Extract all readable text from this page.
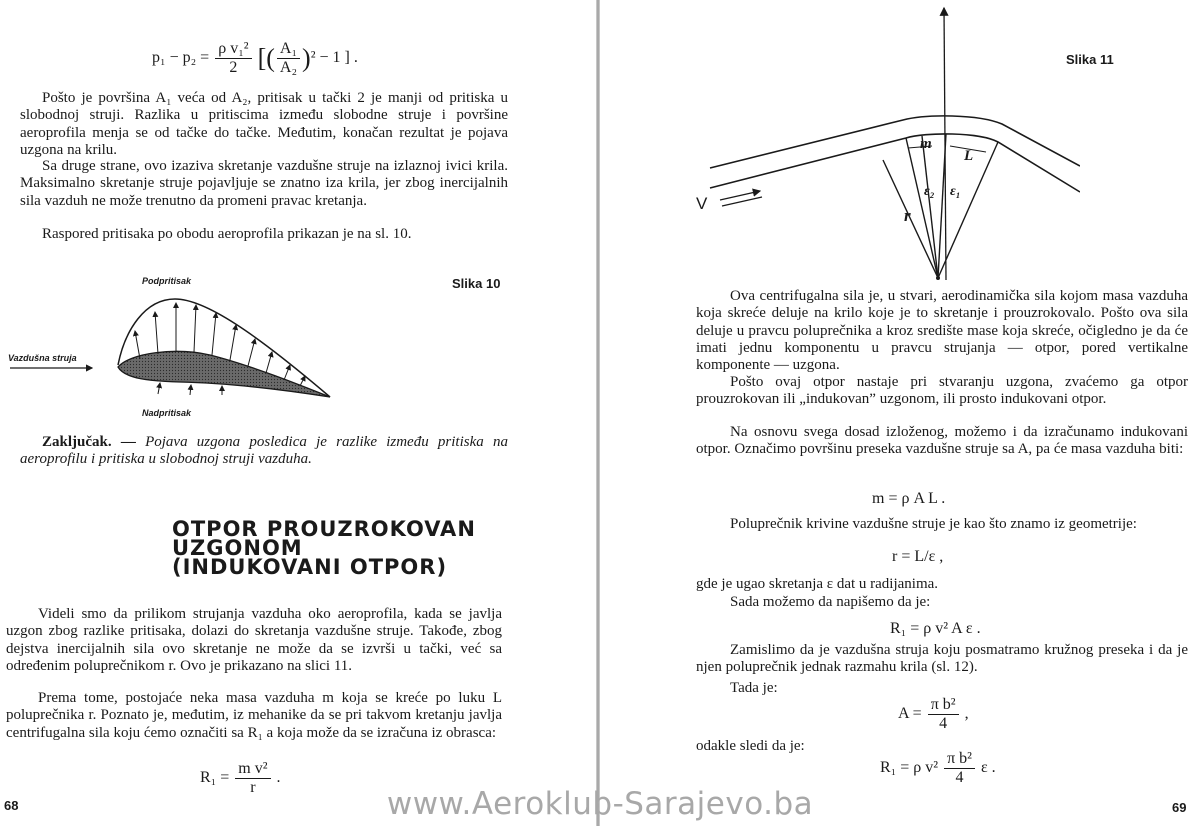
$p_1 - p_2 = \frac{\text{ρ v₁²}}{2}$ [( $\frac{\text{A₁}}{\text{A₂}} )^2 - 1$ ] .

Pošto je površina A₁ veća od A₂, pritisak u tački 2 je manji od pritiska u slobodnoj struji. Razlika u pritiscima između slobodne struje i površine aeroprofila menja se od tačke do tačke. Međutim, konačan rezultat je pojava uzgona na krilu.

Sa druge strane, ovo izaziva skretanje vazdušne struje na izlaznoj ivici krila. Maksimalno skretanje struje pojavljuje se znatno iza krila, jer zbog inercijalnih sila vazduh ne može trenutno da promeni pravac kretanja.

Raspored pritisaka po obodu aeroprofila prikazan je na sl. 10.

Slika 10
Podpritisak
Vazdušna struja
Nadpritisak

Zaključak. — Pojava uzgona posledica je razlike između pritiska na aeroprofilu i pritiska u slobodnoj struji vazduha.

OTPOR PROUZROKOVAN
UZGONOM
(INDUKOVANI OTPOR)

Videli smo da prilikom strujanja vazduha oko aeroprofila, kada se javlja uzgon zbog razlike pritisaka, dolazi do skretanja vazdušne struje. Takođe, zbog dejstva inercijalnih sila ovo skretanje ne može da se izvrši u tački, već sa određenim poluprečnikom r. Ovo je prikazano na slici 11.

Prema tome, postojaće neka masa vazduha m koja se kreće po luku L poluprečnika r. Poznato je, međutim, iz mehanike da se pri takvom kretanju javlja centrifugalna sila koju ćemo označiti sa R₁ a koja može da se izračuna iz obrasca:

$R_1 = \frac{\text{m v²}}{r}$ .
68
Slika 11
V
m
L
r
ε₂ ε₁

Ova centrifugalna sila je, u stvari, aerodinamička sila kojom masa vazduha koja skreće deluje na krilo koje je to skretanje i prouzrokovalo. Pošto ova sila deluje u pravcu poluprečnika a kroz središte mase koja skreće, očigledno je da će imati jednu komponentu u pravcu strujanja — otpor, pored vertikalne komponente — uzgona.

Pošto ovaj otpor nastaje pri stvaranju uzgona, zvaćemo ga otpor prouzrokovan ili „indukovan” uzgonom, ili prosto indukovani otpor.

Na osnovu svega dosad izloženog, možemo i da izračunamo indukovani otpor. Označimo površinu preseka vazdušne struje sa A, pa će masa vazduha biti:

m = ρ A L .

Poluprečnik krivine vazdušne struje je kao što znamo iz geometrije:

r = L/ε ,

gde je ugao skretanja ε dat u radijanima.

Sada možemo da napišemo da je:

R₁ = ρ v² A ε .

Zamislimo da je vazdušna struja koju posmatramo kružnog preseka i da je njen poluprečnik jednak razmahu krila (sl. 12).

Tada je:

$A = \frac{\text{π b²}}{4}$ ,

odakle sledi da je:

R₁ = ρ $v^2 \frac{\text{π b²}}{4}$ ε .
69
www.Aeroklub-Sarajevo.ba
